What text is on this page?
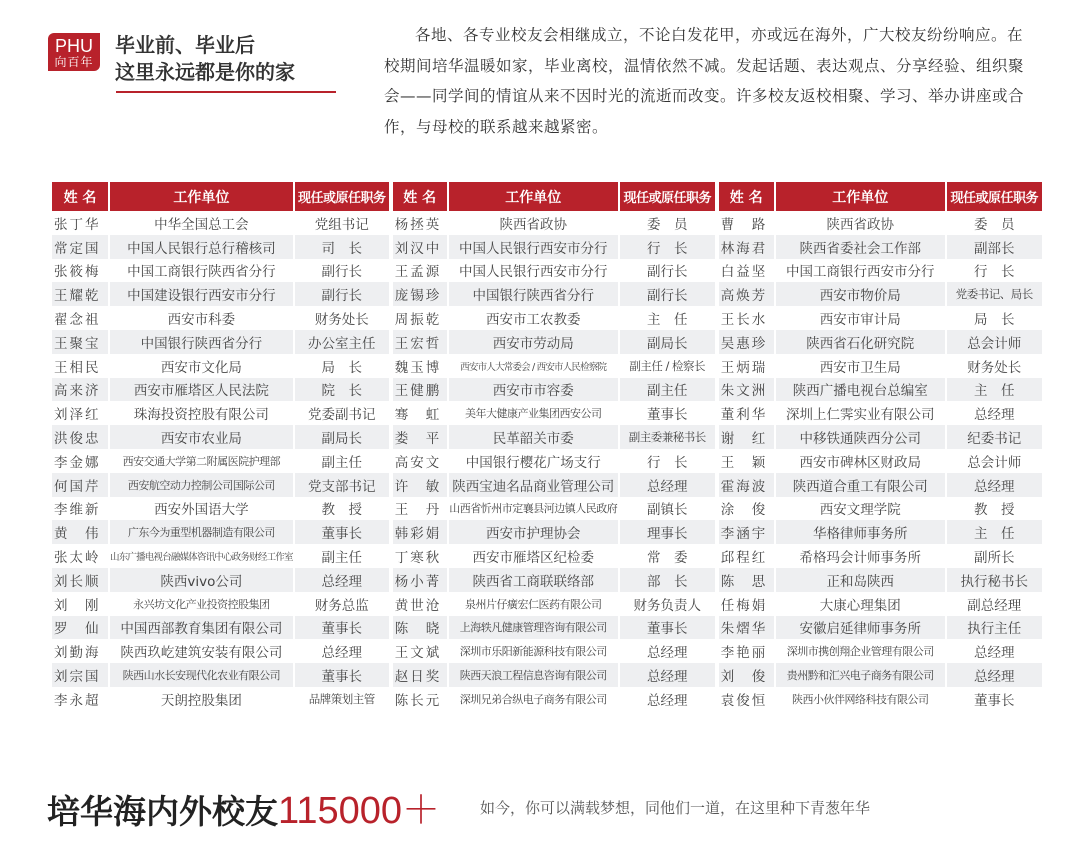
PHU
向百年
毕业前、毕业后
这里永远都是你的家

各地、各专业校友会相继成立，不论白发花甲，亦或远在海外，广大校友纷纷响应。在校期间培华温暖如家，毕业离校，温情依然不减。发起话题、表达观点、分享经验、组织聚会——同学间的情谊从来不因时光的流逝而改变。许多校友返校相聚、学习、举办讲座或合作，与母校的联系越来越紧密。

姓 名	工作单位	现任或原任职务
张丁华	中华全国总工会	党组书记
常定国	中国人民银行总行稽核司	司　长
张筱梅	中国工商银行陕西省分行	副行长
王耀乾	中国建设银行西安市分行	副行长
翟念祖	西安市科委	财务处长
王聚宝	中国银行陕西省分行	办公室主任
王相民	西安市文化局	局　长
高来济	西安市雁塔区人民法院	院　长
刘泽红	珠海投资控股有限公司	党委副书记
洪俊忠	西安市农业局	副局长
李金娜	西安交通大学第二附属医院护理部	副主任
何国芹	西安航空动力控制公司国际公司	党支部书记
李维新	西安外国语大学	教　授
黄　伟	广东今为重型机器制造有限公司	董事长
张太岭	山东广播电视台融媒体咨讯中心政务财经工作室	副主任
刘长顺	陕西vivo公司	总经理
刘　刚	永兴坊文化产业投资控股集团	财务总监
罗　仙	中国西部教育集团有限公司	董事长
刘勤海	陕西玖屹建筑安装有限公司	总经理
刘宗国	陕西山水长安现代化农业有限公司	董事长
李永超	天朗控股集团	品牌策划主管
姓 名	工作单位	现任或原任职务
杨拯英	陕西省政协	委　员
刘汉中	中国人民银行西安市分行	行　长
王孟源	中国人民银行西安市分行	副行长
庞锡珍	中国银行陕西省分行	副行长
周振乾	西安市工农教委	主　任
王宏哲	西安市劳动局	副局长
魏玉博	西安市人大常委会 / 西安市人民检察院	副主任 / 检察长
王健鹏	西安市市容委	副主任
骞　虹	美年大健康产业集团西安公司	董事长
娄　平	民革韶关市委	副主委兼秘书长
高安文	中国银行樱花广场支行	行　长
许　敏	陕西宝迪名品商业管理公司	总经理
王　丹	山西省忻州市定襄县河边镇人民政府	副镇长
韩彩娟	西安市护理协会	理事长
丁寒秋	西安市雁塔区纪检委	常　委
杨小菁	陕西省工商联联络部	部　长
黄世沧	泉州片仔癀宏仁医药有限公司	财务负责人
陈　晓	上海轶凡健康管理咨询有限公司	董事长
王文斌	深圳市乐阳新能源科技有限公司	总经理
赵日奖	陕西天浪工程信息咨询有限公司	总经理
陈长元	深圳兄弟合纵电子商务有限公司	总经理
姓 名	工作单位	现任或原任职务
曹　路	陕西省政协	委　员
林海君	陕西省委社会工作部	副部长
白益坚	中国工商银行西安市分行	行　长
高焕芳	西安市物价局	党委书记、局长
王长水	西安市审计局	局　长
吴惠珍	陕西省石化研究院	总会计师
王炳瑞	西安市卫生局	财务处长
朱文洲	陕西广播电视台总编室	主　任
董利华	深圳上仁霁实业有限公司	总经理
谢　红	中移铁通陕西分公司	纪委书记
王　颖	西安市碑林区财政局	总会计师
霍海波	陕西道合重工有限公司	总经理
涂　俊	西安文理学院	教　授
李涵宇	华格律师事务所	主　任
邱程红	希格玛会计师事务所	副所长
陈　思	正和岛陕西	执行秘书长
任梅娟	大康心理集团	副总经理
朱熠华	安徽启延律师事务所	执行主任
李艳丽	深圳市携创翔企业管理有限公司	总经理
刘　俊	贵州黔和汇兴电子商务有限公司	总经理
袁俊恒	陕西小伙伴网络科技有限公司	董事长
培华海内外校友115000＋	如今，你可以满载梦想，同他们一道，在这里种下青葱年华
